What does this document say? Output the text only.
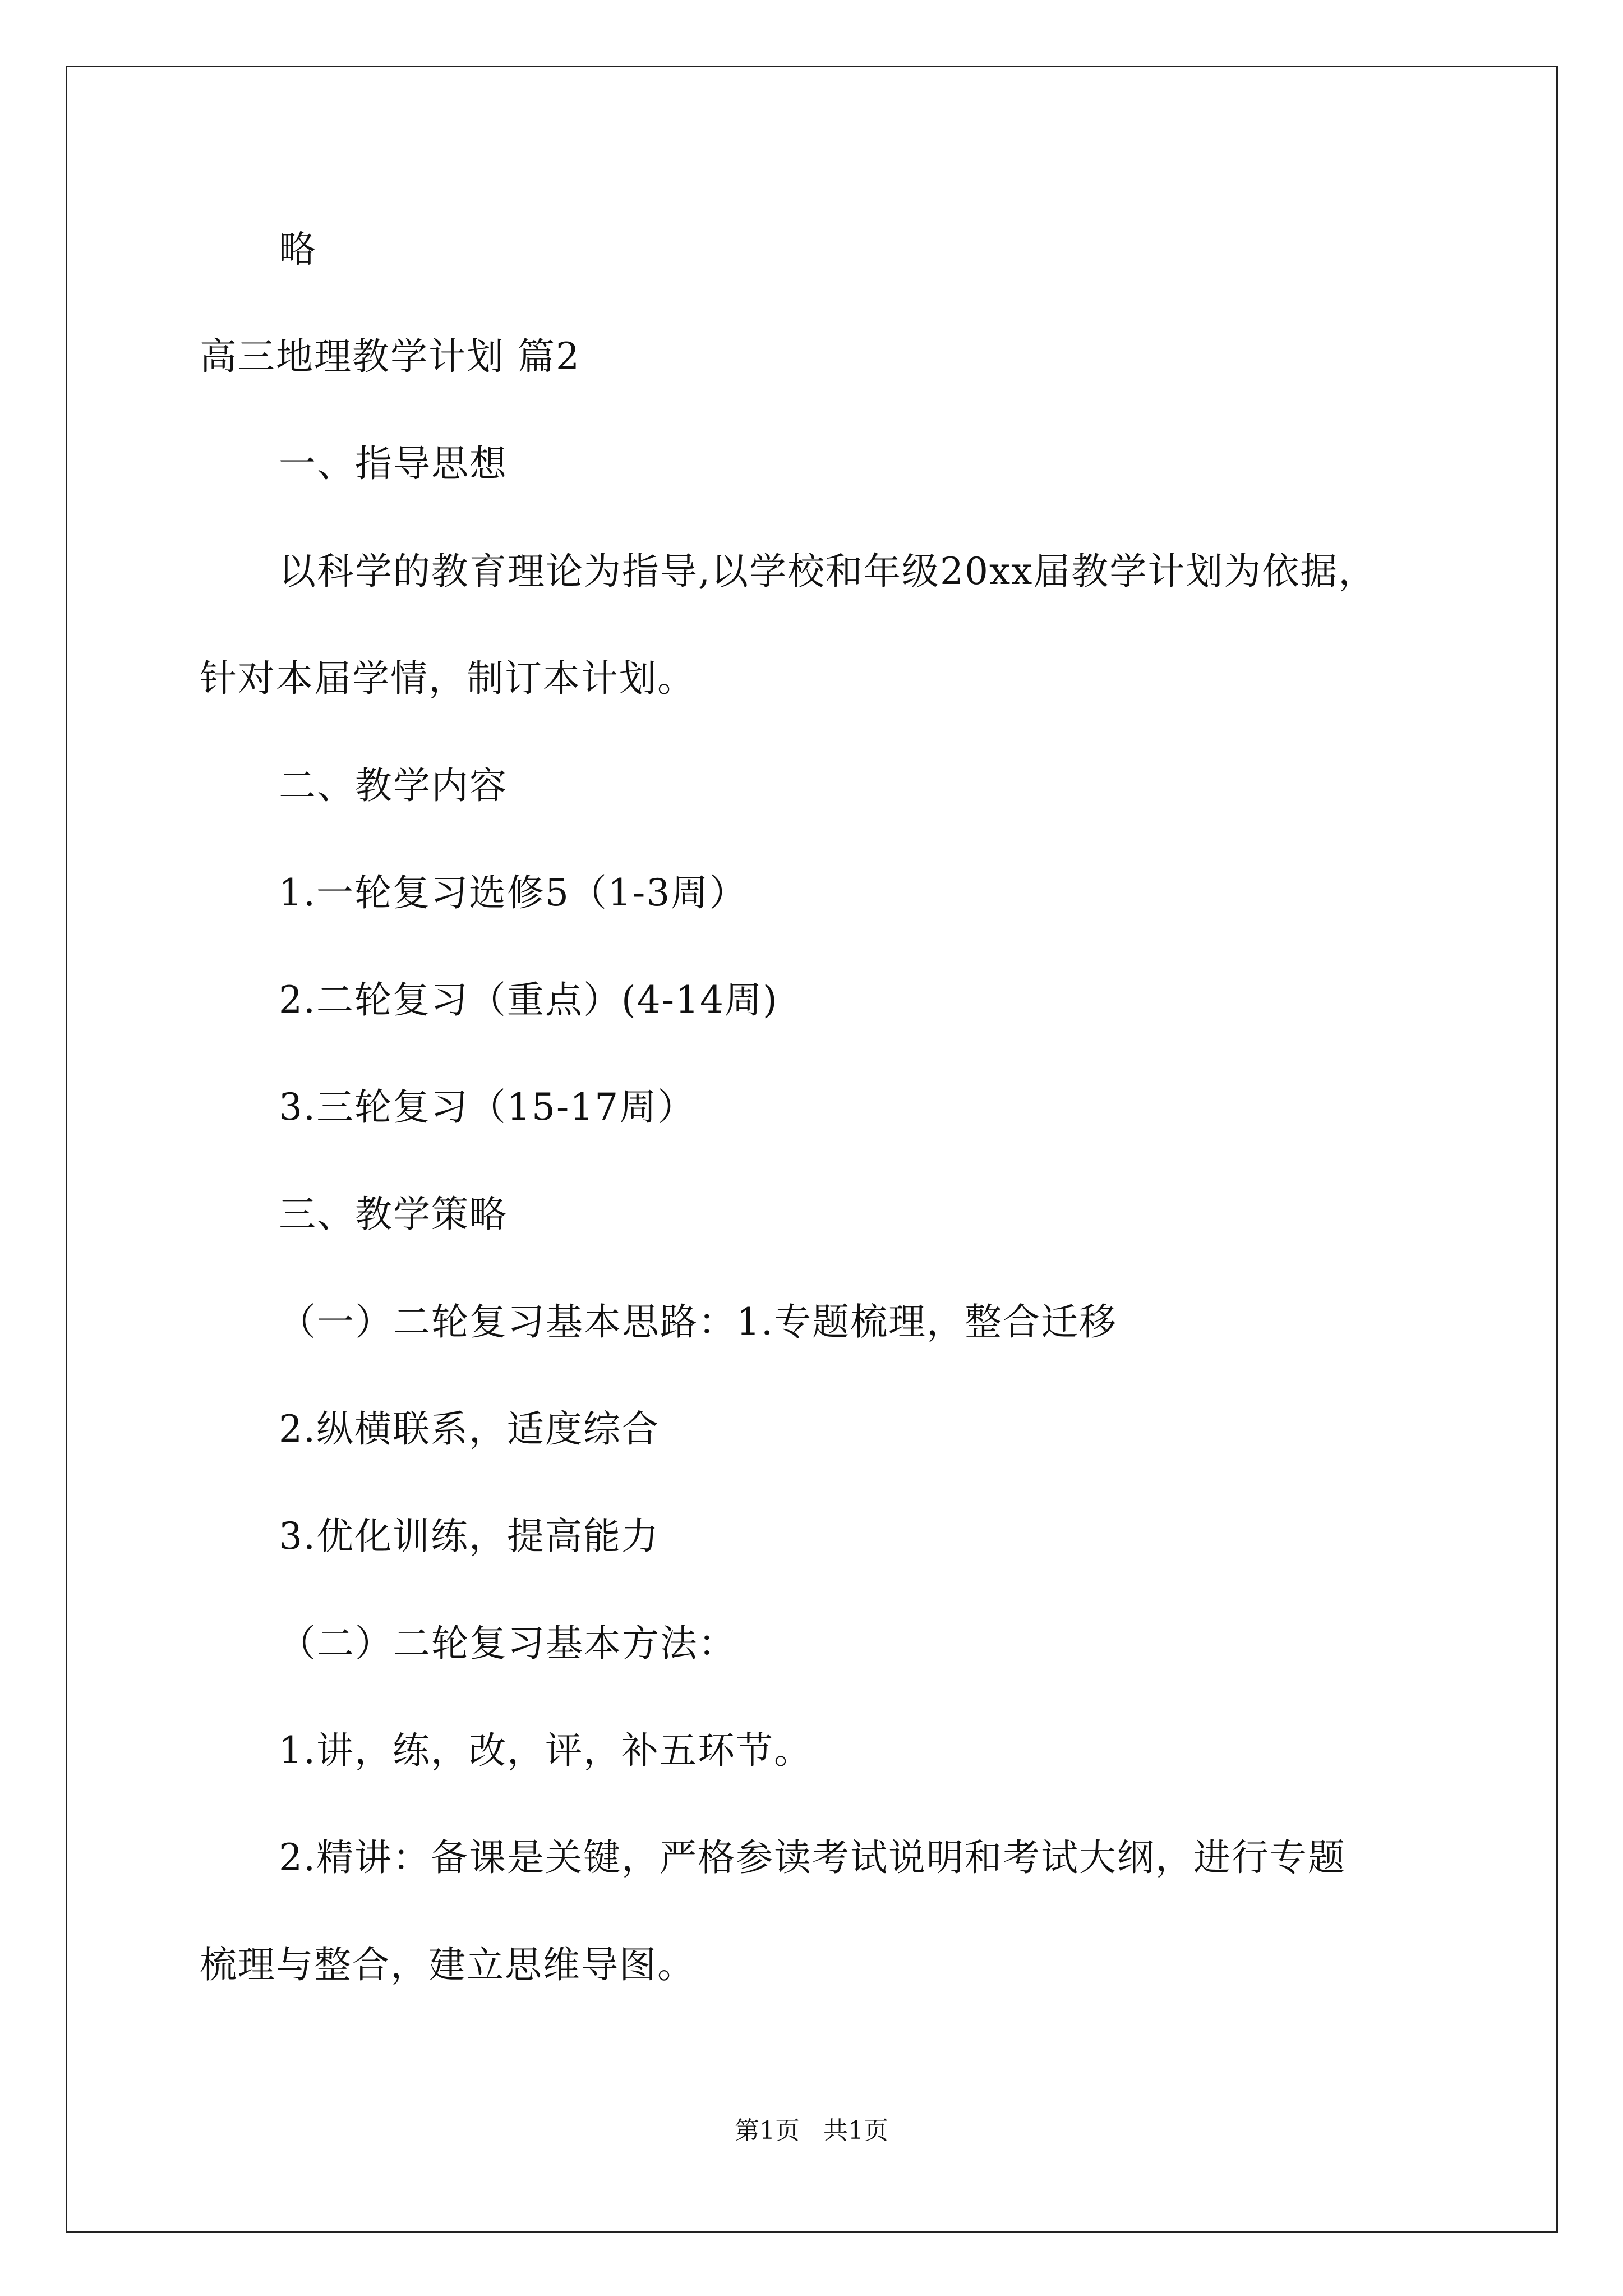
略
高三地理教学计划 篇2
一、指导思想
以科学的教育理论为指导,以学校和年级20xx届教学计划为依据，
针对本届学情，制订本计划。
二、教学内容
1.一轮复习选修5（1-3周）
2.二轮复习（重点）(4-14周)
3.三轮复习（15-17周）
三、教学策略
（一）二轮复习基本思路：1.专题梳理，整合迁移
2.纵横联系，适度综合
3.优化训练，提高能力
（二）二轮复习基本方法：
1.讲，练，改，评，补五环节。
2.精讲：备课是关键，严格参读考试说明和考试大纲，进行专题
梳理与整合，建立思维导图。
第1页   共1页
